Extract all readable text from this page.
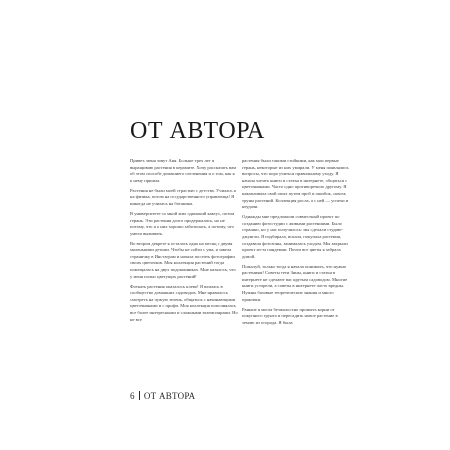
ОТ АВТОРА

Привет, меня зовут Аня. Больше трех лет я выращиваю растения в керамите. Хочу рассказать вам об этом способе домашнего озеленения и о том, как я к нему пришла.

Растения не были моей страстью с детства. Училась я на физика, потом на государственного управленца! Я никогда не училась на ботаника.

В университете со мной жил одинокий кактус, потом герань. Эти растения долго продержались, но не потому, что я о них хорошо заботилась, а потому, что умели выживать.

Во втором декрете я осталась одна на месяц с двумя маленькими детьми. Чтобы не сойти с ума, я завела страничку в Инстаграм и начала постить фотографии своих цветочков. Моя коллекция растений тогда помещалась на двух подоконниках. Мне казалось, что у меня полно цветущих растений!

Фоткать растения оказалось клево! Я влилась в сообщество домашних садоводов. Мне нравилось смотреть на чужую зелень, общаться с начинающими цветочниками и с профи. Моя коллекция пополнялась все более интересными и сложными экземплярами. Но не все

растения были такими стойкими, как мои первые герань, некоторые из них умирали. У меня появлялись вопросы, что пора учиться правильному уходу. Я начала читать книги и статьи в интернете, общаться с цветочниками. Часто одно противоречило другому. Я накапливала свой опыт путем проб и ошибок, сквозь труны растений. Коллекция росла, а с ней — успехи и неудачи.

Однажды мне предложили совместный проект по созданию фотостудии с живыми растениями. Было страшно, но у нас получилось: мы сделали студию-джунгли. Я подбирала, искала, покупала растения, создавала фотозоны, занималась уходом. Мы закрыли проект из-за пандемии. Почти все цветы я забрала домой.

Пожалуй, только тогда я начала понимать, что нужно растениям! Советы тети Зины, книги и статьи в интернете не сделают вас крутым садоводом. Многие книги устарели, а советы в интернете часто вредны. Нужны базовые теоретические знания и много практики.

Раньше я могла безжалостно промыть корни от покупного грунта и пересадить новое растение в землю из огорода. Я была

6 ОТ АВТОРА
